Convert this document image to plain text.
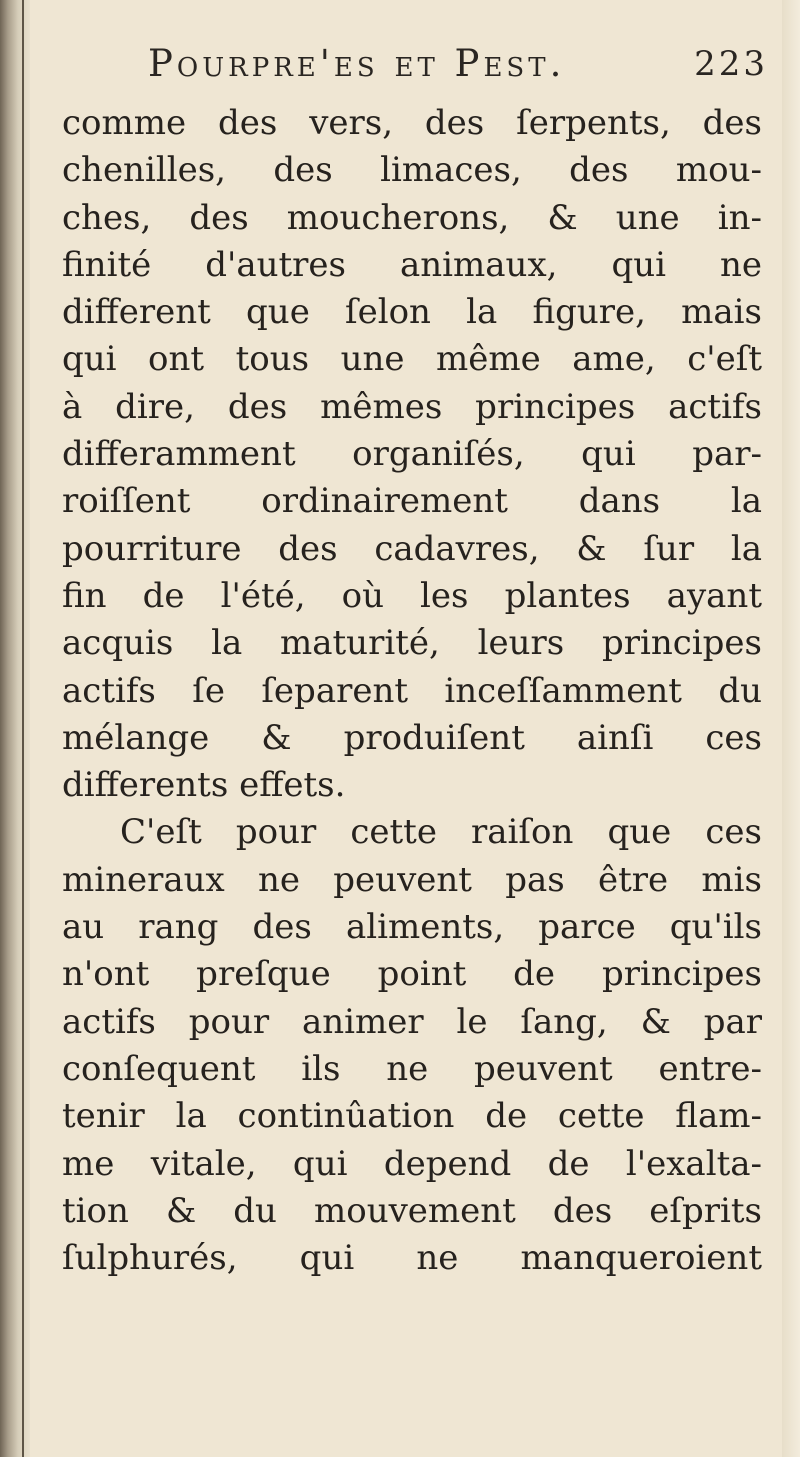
Pourpre'es et Pest.	223
comme des vers, des ſerpents, des
chenilles, des limaces, des mou-
ches, des moucherons, & une in-
finité d'autres animaux, qui ne
different que ſelon la figure, mais
qui ont tous une même ame, c'eſt
à dire, des mêmes principes actifs
differamment organiſés, qui par-
roiſſent ordinairement dans la
pourriture des cadavres, & ſur la
fin de l'été, où les plantes ayant
acquis la maturité, leurs principes
actifs ſe ſeparent inceſſamment du
mélange & produiſent ainſi ces
differents effets.
C'eſt pour cette raiſon que ces
mineraux ne peuvent pas être mis
au rang des aliments, parce qu'ils
n'ont preſque point de principes
actifs pour animer le ſang, & par
conſequent ils ne peuvent entre-
tenir la continûation de cette flam-
me vitale, qui depend de l'exalta-
tion & du mouvement des eſprits
ſulphurés, qui ne manqueroient
